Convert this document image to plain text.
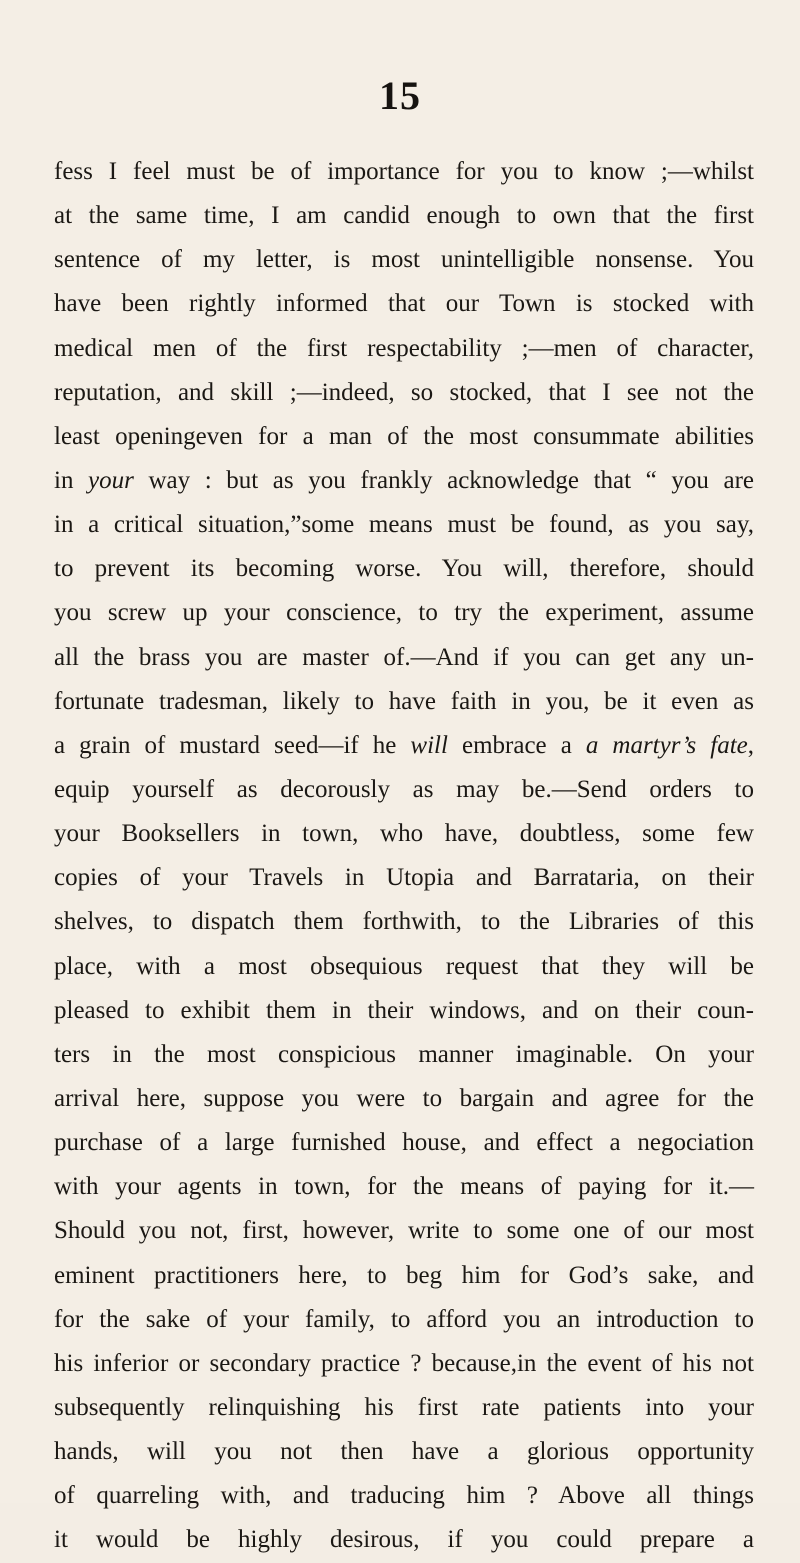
15
fess I feel must be of importance for you to know ;—whilst
at the same time, I am candid enough to own that the first
sentence of my letter, is most unintelligible nonsense. You
have been rightly informed that our Town is stocked with
medical men of the first respectability ;—men of character,
reputation, and skill ;—indeed, so stocked, that I see not the
least openingeven for a man of the most consummate abilities
in your way : but as you frankly acknowledge that “ you are
in a critical situation,”some means must be found, as you say,
to prevent its becoming worse. You will, therefore, should
you screw up your conscience, to try the experiment, assume
all the brass you are master of.—And if you can get any un-
fortunate tradesman, likely to have faith in you, be it even as
a grain of mustard seed—if he will embrace a a martyr’s fate,
equip yourself as decorously as may be.—Send orders to
your Booksellers in town, who have, doubtless, some few
copies of your Travels in Utopia and Barrataria, on their
shelves, to dispatch them forthwith, to the Libraries of this
place, with a most obsequious request that they will be
pleased to exhibit them in their windows, and on their coun-
ters in the most conspicious manner imaginable. On your
arrival here, suppose you were to bargain and agree for the
purchase of a large furnished house, and effect a negociation
with your agents in town, for the means of paying for it.—
Should you not, first, however, write to some one of our most
eminent practitioners here, to beg him for God’s sake, and
for the sake of your family, to afford you an introduction to
his inferior or secondary practice ? because,in the event of his not
subsequently relinquishing his first rate patients into your
hands, will you not then have a glorious opportunity
of quarreling with, and traducing him ? Above all things
it would be highly desirous, if you could prepare a
